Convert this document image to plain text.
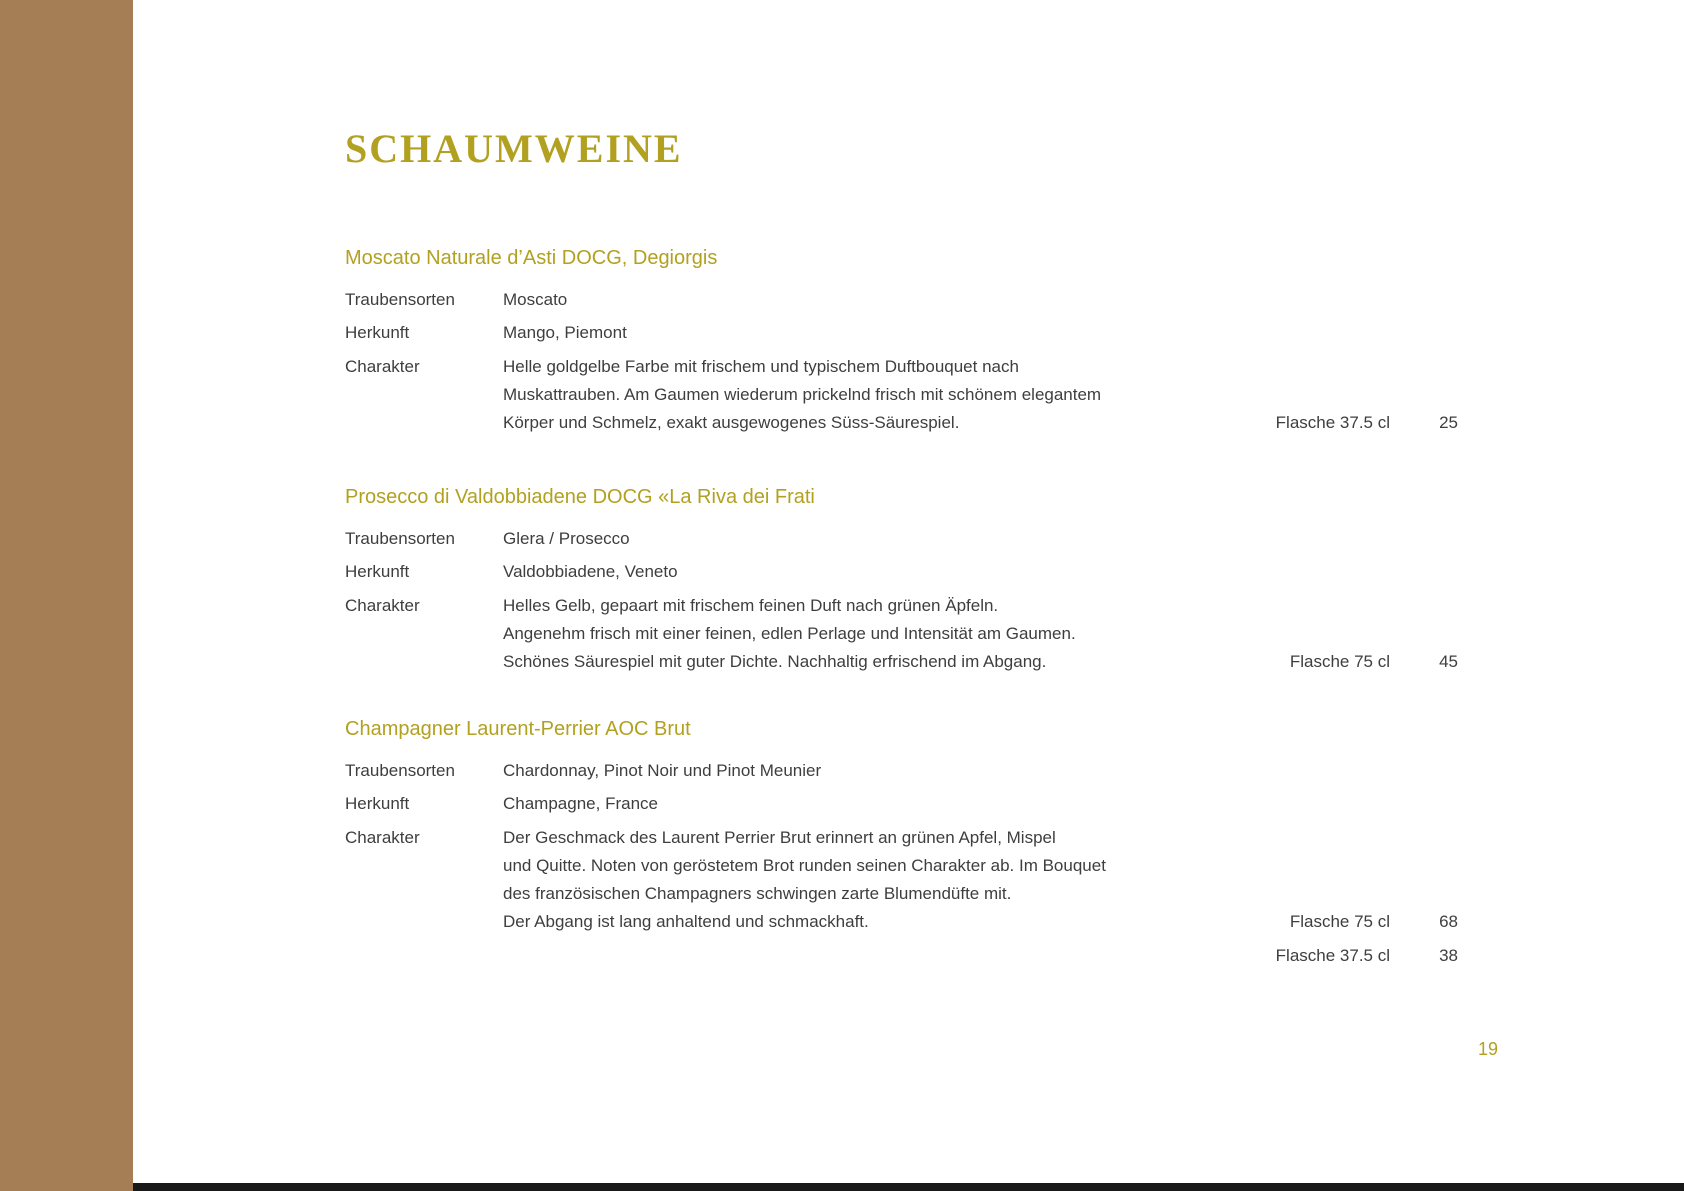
SCHAUMWEINE
Moscato Naturale d’Asti DOCG, Degiorgis
Traubensorten	Moscato
Herkunft	Mango, Piemont
Charakter	Helle goldgelbe Farbe mit frischem und typischem Duftbouquet nach
Muskattrauben. Am Gaumen wiederum prickelnd frisch mit schönem elegantem
Körper und Schmelz, exakt ausgewogenes Süss-Säurespiel.	Flasche 37.5 cl	25
Prosecco di Valdobbiadene DOCG «La Riva dei Frati
Traubensorten	Glera / Prosecco
Herkunft	Valdobbiadene, Veneto
Charakter	Helles Gelb, gepaart mit frischem feinen Duft nach grünen Äpfeln.
Angenehm frisch mit einer feinen, edlen Perlage und Intensität am Gaumen.
Schönes Säurespiel mit guter Dichte. Nachhaltig erfrischend im Abgang.	Flasche 75 cl	45
Champagner Laurent-Perrier AOC Brut
Traubensorten	Chardonnay, Pinot Noir und Pinot Meunier
Herkunft	Champagne, France
Charakter	Der Geschmack des Laurent Perrier Brut erinnert an grünen Apfel, Mispel
und Quitte. Noten von geröstetem Brot runden seinen Charakter ab. Im Bouquet
des französischen Champagners schwingen zarte Blumendüfte mit.
Der Abgang ist lang anhaltend und schmackhaft.	Flasche 75 cl	68
Flasche 37.5 cl	38
19
